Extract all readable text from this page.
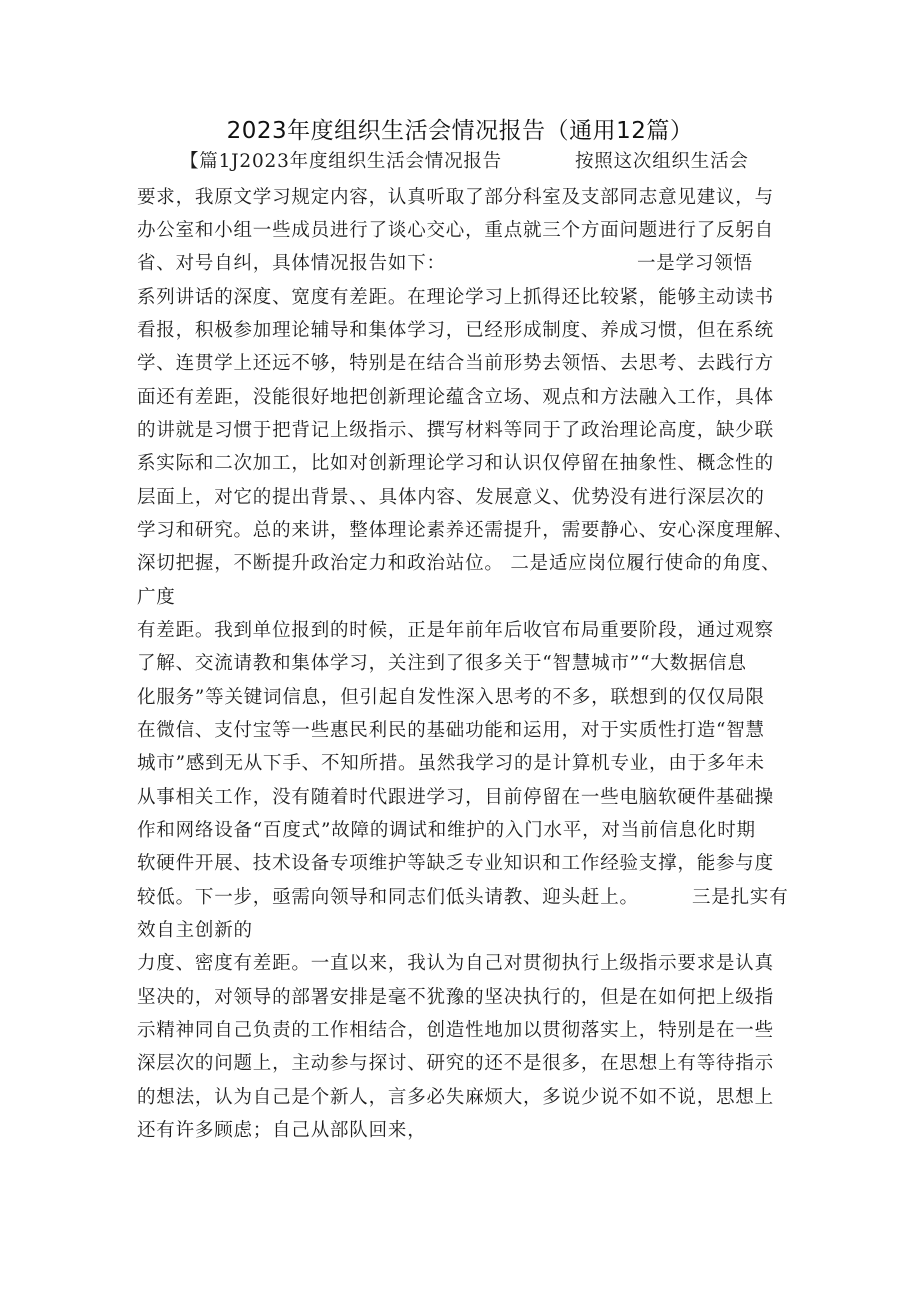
2023年度组织生活会情况报告（通用12篇）
【篇1J2023年度组织生活会情况报告	按照这次组织生活会
要求，我原文学习规定内容，认真听取了部分科室及支部同志意见建议，与
办公室和小组一些成员进行了谈心交心，重点就三个方面问题进行了反躬自
省、对号自纠，具体情况报告如下：	一是学习领悟
系列讲话的深度、宽度有差距。在理论学习上抓得还比较紧，能够主动读书
看报，积极参加理论辅导和集体学习，已经形成制度、养成习惯，但在系统
学、连贯学上还远不够，特别是在结合当前形势去领悟、去思考、去践行方
面还有差距，没能很好地把创新理论蕴含立场、观点和方法融入工作，具体
的讲就是习惯于把背记上级指示、撰写材料等同于了政治理论高度，缺少联
系实际和二次加工，比如对创新理论学习和认识仅停留在抽象性、概念性的
层面上，对它的提出背景、、具体内容、发展意义、优势没有进行深层次的
学习和研究。总的来讲，整体理论素养还需提升，需要静心、安心深度理解、
深切把握，不断提升政治定力和政治站位。 二是适应岗位履行使命的角度、
广度
有差距。我到单位报到的时候，正是年前年后收官布局重要阶段，通过观察
了解、交流请教和集体学习，关注到了很多关于“智慧城市”“大数据信息
化服务”等关键词信息，但引起自发性深入思考的不多，联想到的仅仅局限
在微信、支付宝等一些惠民利民的基础功能和运用，对于实质性打造“智慧
城市”感到无从下手、不知所措。虽然我学习的是计算机专业，由于多年未
从事相关工作，没有随着时代跟进学习，目前停留在一些电脑软硬件基础操
作和网络设备“百度式”故障的调试和维护的入门水平，对当前信息化时期
软硬件开展、技术设备专项维护等缺乏专业知识和工作经验支撑，能参与度
较低。下一步，亟需向领导和同志们低头请教、迎头赶上。	三是扎实有
效自主创新的
力度、密度有差距。一直以来，我认为自己对贯彻执行上级指示要求是认真
坚决的，对领导的部署安排是毫不犹豫的坚决执行的，但是在如何把上级指
示精神同自己负责的工作相结合，创造性地加以贯彻落实上，特别是在一些
深层次的问题上，主动参与探讨、研究的还不是很多，在思想上有等待指示
的想法，认为自己是个新人，言多必失麻烦大，多说少说不如不说，思想上
还有许多顾虑；自己从部队回来，
